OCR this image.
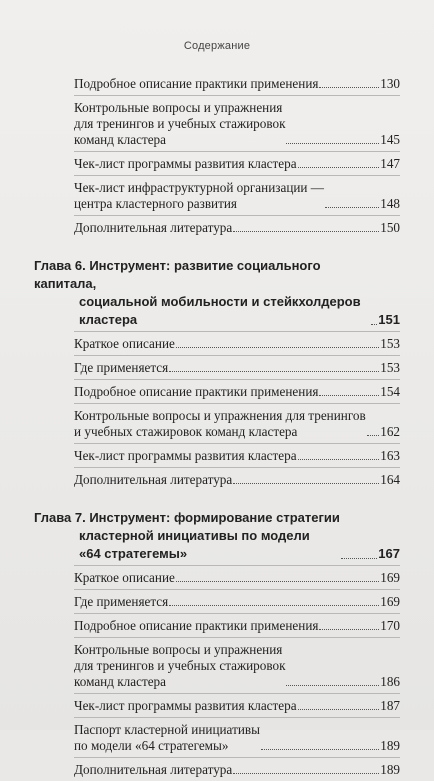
Содержание
Подробное описание практики применения	130
Контрольные вопросы и упражнения
для тренингов и учебных стажировок
команд кластера	145
Чек-лист программы развития кластера	147
Чек-лист инфраструктурной организации —
центра кластерного развития	148
Дополнительная литература	150
Глава 6. Инструмент: развитие социального капитала,
социальной мобильности и стейкхолдеров
кластера	151
Краткое описание	153
Где применяется	153
Подробное описание практики применения	154
Контрольные вопросы и упражнения для тренингов
и учебных стажировок команд кластера	162
Чек-лист программы развития кластера	163
Дополнительная литература	164
Глава 7. Инструмент: формирование стратегии
кластерной инициативы по модели
«64 стратегемы»	167
Краткое описание	169
Где применяется	169
Подробное описание практики применения	170
Контрольные вопросы и упражнения
для тренингов и учебных стажировок
команд кластера	186
Чек-лист программы развития кластера	187
Паспорт кластерной инициативы
по модели «64 стратегемы»	189
Дополнительная литература	189
